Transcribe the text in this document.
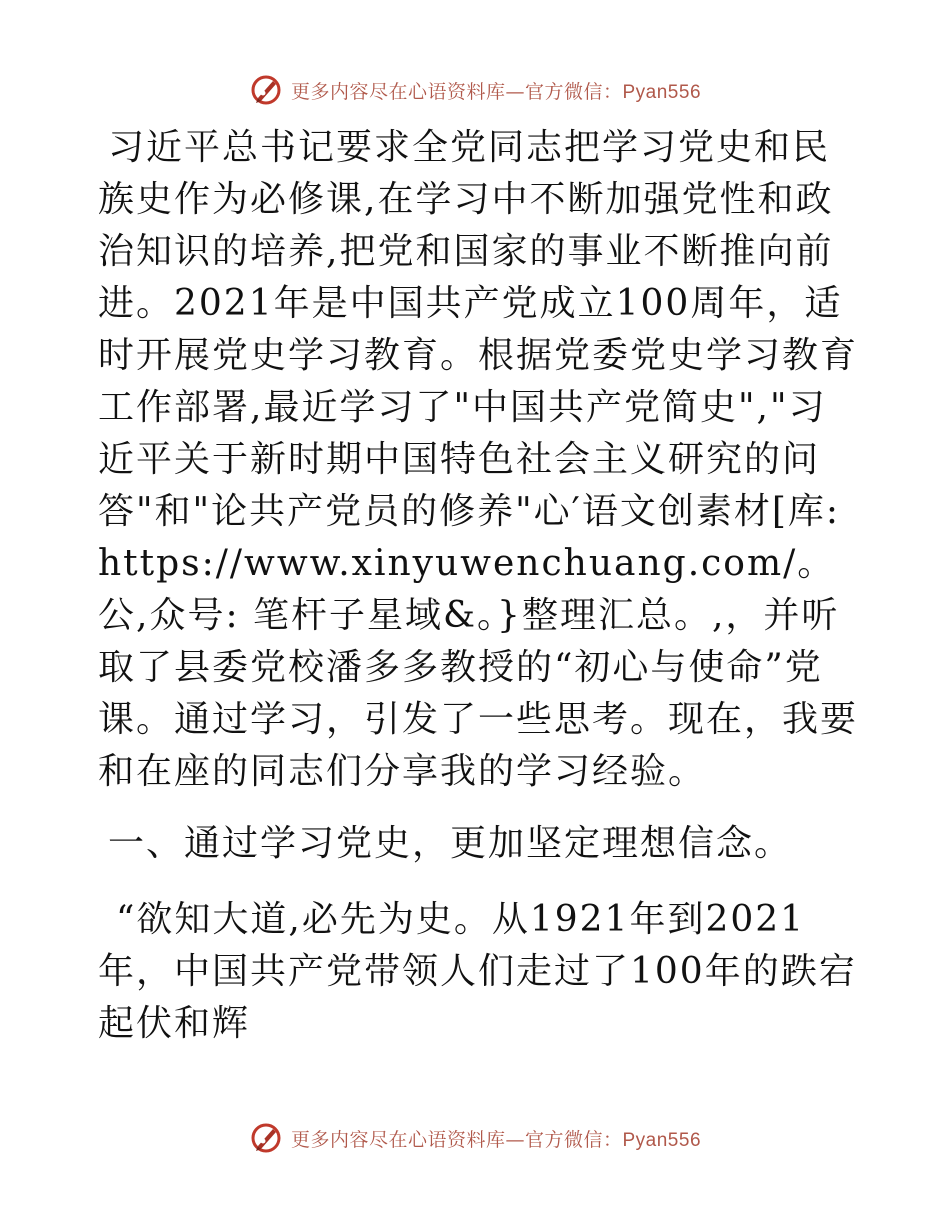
更多内容尽在心语资料库—官方微信：Pyan556

习近平总书记要求全党同志把学习党史和民族史作为必修课,在学习中不断加强党性和政治知识的培养,把党和国家的事业不断推向前进。2021年是中国共产党成立100周年，适时开展党史学习教育。根据党委党史学习教育工作部署,最近学习了"中国共产党简史","习近平关于新时期中国特色社会主义研究的问答"和"论共产党员的修养"心′语文创素材[库: https://www.xinyuwenchuang.com/。公,众号: 笔杆子星域&。}整理汇总。,，并听取了县委党校潘多多教授的“初心与使命”党课。通过学习，引发了一些思考。现在，我要和在座的同志们分享我的学习经验。

一、通过学习党史，更加坚定理想信念。

“欲知大道,必先为史。从1921年到2021年，中国共产党带领人们走过了100年的跌宕起伏和辉

更多内容尽在心语资料库—官方微信：Pyan556
